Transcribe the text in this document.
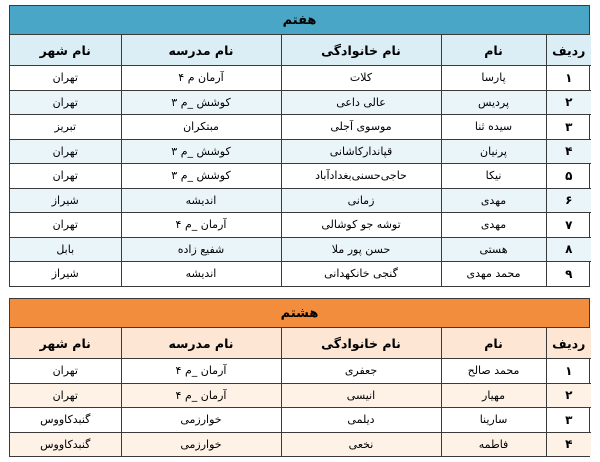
هفتم
ردیف	نام	نام خانوادگی	نام مدرسه	نام شهر
۱	پارسا	کلات	آرمان م ۴	تهران
۲	پردیس	عالی داعی	کوشش _م ۳	تهران
۳	سیده ثنا	موسوی آجلی	مبتکران	تبریز
۴	پرنیان	قپاندارکاشانی	کوشش _م ۳	تهران
۵	نیکا	حاجی‌حسنی‌بغدادآباد	کوشش _م ۳	تهران
۶	مهدی	زمانی	اندیشه	شیراز
۷	مهدی	توشه جو کوشالی	آرمان _م ۴	تهران
۸	هستی	حسن پور ملا	شفیع زاده	بابل
۹	محمد مهدی	گنجی خانکهدانی	اندیشه	شیراز
هشتم
ردیف	نام	نام خانوادگی	نام مدرسه	نام شهر
۱	محمد صالح	جعفری	آرمان _م ۴	تهران
۲	مهیار	انیسی	آرمان _م ۴	تهران
۳	سارینا	دیلمی	خوارزمی	گنبدکاووس
۴	فاطمه	نخعی	خوارزمی	گنبدکاووس
